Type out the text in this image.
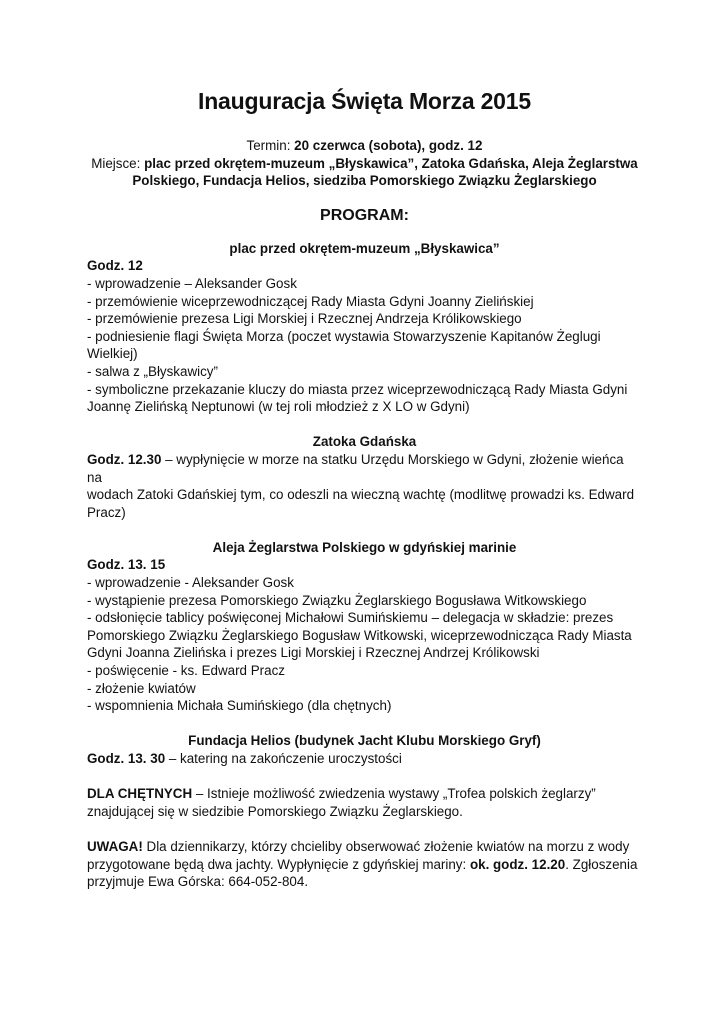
Inauguracja Święta Morza 2015

Termin: 20 czerwca (sobota), godz. 12

Miejsce: plac przed okrętem-muzeum „Błyskawica”, Zatoka Gdańska, Aleja Żeglarstwa

Polskiego, Fundacja Helios, siedziba Pomorskiego Związku Żeglarskiego

PROGRAM:

plac przed okrętem-muzeum „Błyskawica”

Godz. 12

- wprowadzenie – Aleksander Gosk

- przemówienie wiceprzewodniczącej Rady Miasta Gdyni Joanny Zielińskiej

- przemówienie prezesa Ligi Morskiej i Rzecznej Andrzeja Królikowskiego

- podniesienie flagi Święta Morza (poczet wystawia Stowarzyszenie Kapitanów Żeglugi

Wielkiej)

- salwa z „Błyskawicy”

- symboliczne przekazanie kluczy do miasta przez wiceprzewodniczącą Rady Miasta Gdyni

Joannę Zielińską Neptunowi (w tej roli młodzież z X LO w Gdyni)

Zatoka Gdańska

Godz. 12.30 – wypłynięcie w morze na statku Urzędu Morskiego w Gdyni, złożenie wieńca na

wodach Zatoki Gdańskiej tym, co odeszli na wieczną wachtę (modlitwę prowadzi ks. Edward

Pracz)

Aleja Żeglarstwa Polskiego w gdyńskiej marinie

Godz. 13. 15

- wprowadzenie - Aleksander Gosk

- wystąpienie prezesa Pomorskiego Związku Żeglarskiego Bogusława Witkowskiego

- odsłonięcie tablicy poświęconej Michałowi Sumińskiemu – delegacja w składzie: prezes

Pomorskiego Związku Żeglarskiego Bogusław Witkowski, wiceprzewodnicząca Rady Miasta

Gdyni Joanna Zielińska i prezes Ligi Morskiej i Rzecznej Andrzej Królikowski

- poświęcenie - ks. Edward Pracz

- złożenie kwiatów

- wspomnienia Michała Sumińskiego (dla chętnych)

Fundacja Helios (budynek Jacht Klubu Morskiego Gryf)

Godz. 13. 30 – katering na zakończenie uroczystości

DLA CHĘTNYCH – Istnieje możliwość zwiedzenia wystawy „Trofea polskich żeglarzy”

znajdującej się w siedzibie Pomorskiego Związku Żeglarskiego.

UWAGA! Dla dziennikarzy, którzy chcieliby obserwować złożenie kwiatów na morzu z wody

przygotowane będą dwa jachty. Wypłynięcie z gdyńskiej mariny: ok. godz. 12.20. Zgłoszenia

przyjmuje Ewa Górska: 664-052-804.
